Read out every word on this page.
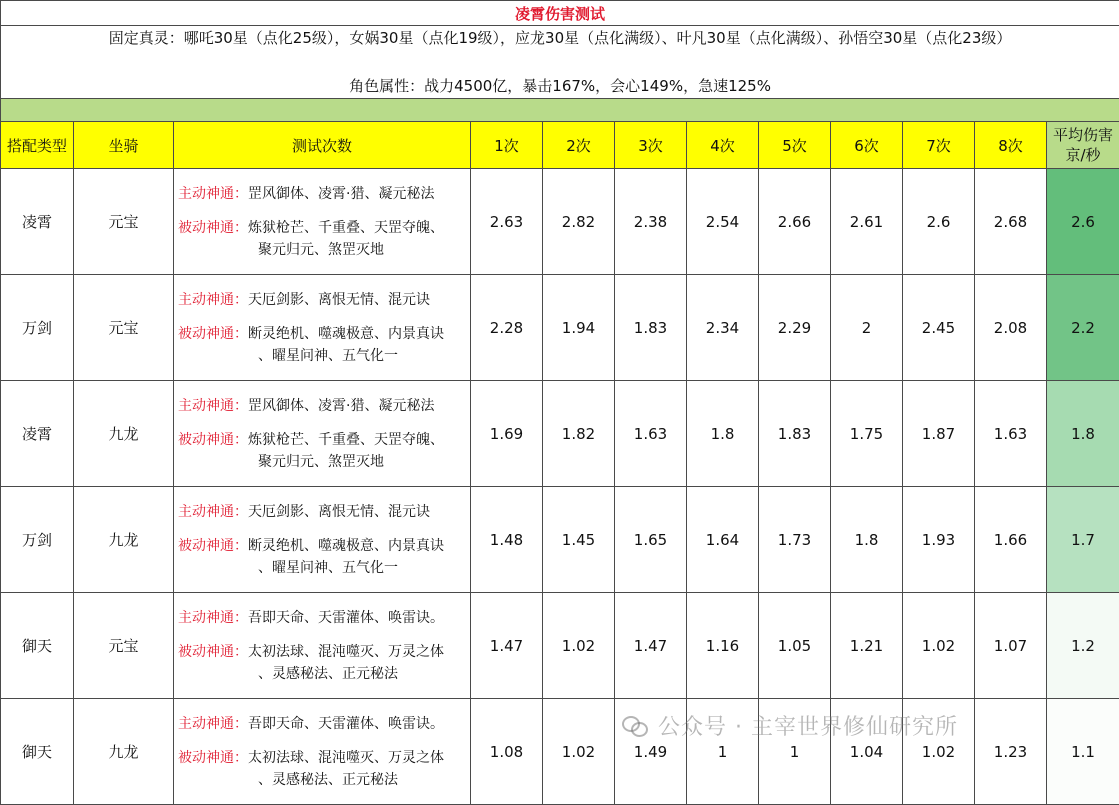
凌霄伤害测试											

固定真灵：哪吒30星（点化25级），女娲30星（点化19级），应龙30星（点化满级）、叶凡30星（点化满级）、孙悟空30星（点化23级）
角色属性：战力4500亿，暴击167%，会心149%，急速125%											

搭配类型	坐骑	测试次数	1次	2次	3次	4次	5次	6次	7次	8次	平均伤害
京/秒
凌霄	元宝	主动神通：罡风御体、凌霄·猎、凝元秘法
被动神通：炼狱枪芒、千重叠、天罡夺魄、
聚元归元、煞罡灭地	2.63	2.82	2.38	2.54	2.66	2.61	2.6	2.68	2.6
万剑	元宝	主动神通：天厄剑影、离恨无情、混元诀
被动神通：断灵绝机、噬魂极意、内景真诀
、曜星问神、五气化一	2.28	1.94	1.83	2.34	2.29	2	2.45	2.08	2.2
凌霄	九龙	主动神通：罡风御体、凌霄·猎、凝元秘法
被动神通：炼狱枪芒、千重叠、天罡夺魄、
聚元归元、煞罡灭地	1.69	1.82	1.63	1.8	1.83	1.75	1.87	1.63	1.8
万剑	九龙	主动神通：天厄剑影、离恨无情、混元诀
被动神通：断灵绝机、噬魂极意、内景真诀
、曜星问神、五气化一	1.48	1.45	1.65	1.64	1.73	1.8	1.93	1.66	1.7
御天	元宝	主动神通：吾即天命、天雷灌体、唤雷诀。
被动神通：太初法球、混沌噬灭、万灵之体
、灵感秘法、正元秘法	1.47	1.02	1.47	1.16	1.05	1.21	1.02	1.07	1.2
御天	九龙	主动神通：吾即天命、天雷灌体、唤雷诀。
被动神通：太初法球、混沌噬灭、万灵之体
、灵感秘法、正元秘法	1.08	1.02	1.49	1	1	1.04	1.02	1.23	1.1
公众号 · 主宰世界修仙研究所
